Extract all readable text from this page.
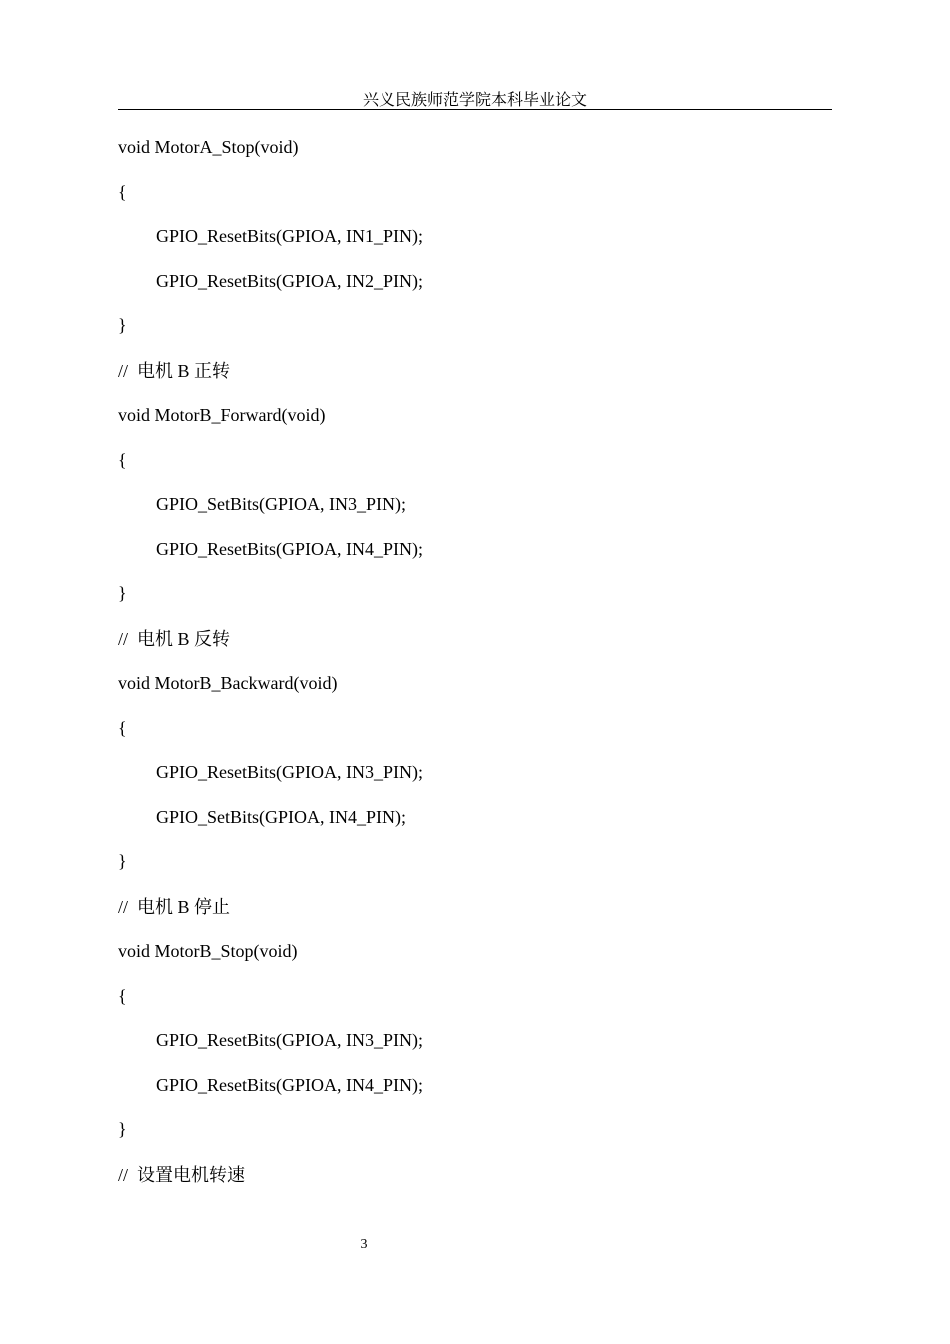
兴义民族师范学院本科毕业论文
void MotorA_Stop(void)
{
GPIO_ResetBits(GPIOA, IN1_PIN);
GPIO_ResetBits(GPIOA, IN2_PIN);
}
//  电机 B 正转
void MotorB_Forward(void)
{
GPIO_SetBits(GPIOA, IN3_PIN);
GPIO_ResetBits(GPIOA, IN4_PIN);
}
//  电机 B 反转
void MotorB_Backward(void)
{
GPIO_ResetBits(GPIOA, IN3_PIN);
GPIO_SetBits(GPIOA, IN4_PIN);
}
//  电机 B 停止
void MotorB_Stop(void)
{
GPIO_ResetBits(GPIOA, IN3_PIN);
GPIO_ResetBits(GPIOA, IN4_PIN);
}
//  设置电机转速
3
